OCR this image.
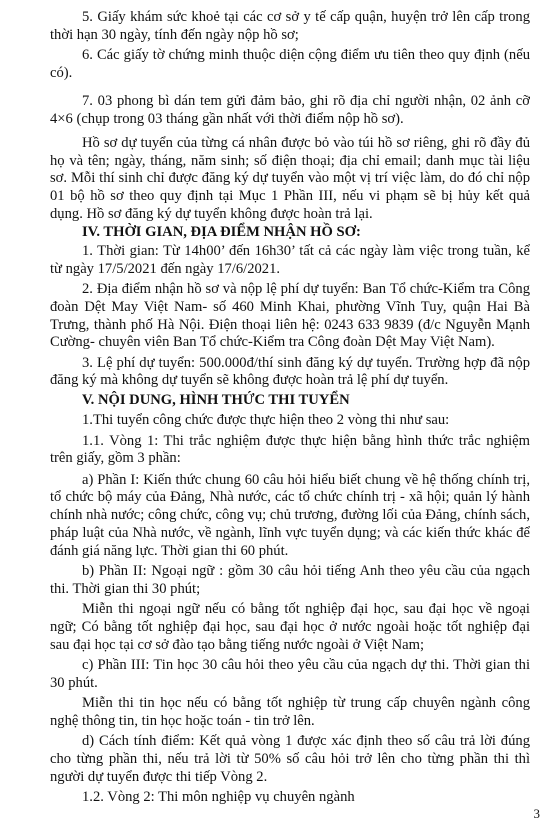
5. Giấy khám sức khoẻ tại các cơ sở y tế cấp quận, huyện trở lên cấp trong
thời hạn 30 ngày, tính đến ngày nộp hồ sơ;
6. Các giấy tờ chứng minh thuộc diện cộng điểm ưu tiên theo quy định (nếu
có).
7. 03 phong bì dán tem gửi đảm bảo, ghi rõ địa chỉ người nhận, 02 ảnh cỡ
4×6 (chụp trong 03 tháng gần nhất với thời điểm nộp hồ sơ).
Hồ sơ dự tuyển của từng cá nhân được bỏ vào túi hồ sơ riêng, ghi rõ đầy đủ
họ và tên; ngày, tháng, năm sinh; số điện thoại; địa chỉ email; danh mục tài liệu
sơ. Mỗi thí sinh chỉ được đăng ký dự tuyển vào một vị trí việc làm, do đó chỉ nộp
01 bộ hồ sơ theo quy định tại Mục 1 Phần III, nếu vi phạm sẽ bị hủy kết quả
dụng. Hồ sơ đăng ký dự tuyển không được hoàn trả lại.
IV. THỜI GIAN, ĐỊA ĐIỂM NHẬN HỒ SƠ:
1. Thời gian: Từ 14h00’ đến 16h30’ tất cả các ngày làm việc trong tuần, kể
từ ngày 17/5/2021 đến ngày 17/6/2021.
2. Địa điểm nhận hồ sơ và nộp lệ phí dự tuyển: Ban Tổ chức-Kiểm tra Công
đoàn Dệt May Việt Nam- số 460 Minh Khai, phường Vĩnh Tuy, quận Hai Bà
Trưng, thành phố Hà Nội. Điện thoại liên hệ: 0243 633 9839 (đ/c Nguyễn Mạnh
Cường- chuyên viên Ban Tổ chức-Kiểm tra Công đoàn Dệt May Việt Nam).
3. Lệ phí dự tuyển: 500.000đ/thí sinh đăng ký dự tuyển. Trường hợp đã nộp
đăng ký mà không dự tuyển sẽ không được hoàn trả lệ phí dự tuyển.
V. NỘI DUNG, HÌNH THỨC THI TUYỂN
1.Thi tuyển công chức được thực hiện theo 2 vòng thi như sau:
1.1. Vòng 1: Thi trắc nghiệm được thực hiện bằng hình thức trắc nghiệm
trên giấy, gồm 3 phần:
a) Phần I: Kiến thức chung 60 câu hỏi hiểu biết chung về hệ thống chính trị,
tổ chức bộ máy của Đảng, Nhà nước, các tổ chức chính trị - xã hội; quản lý hành
chính nhà nước; công chức, công vụ; chủ trương, đường lối của Đảng, chính sách,
pháp luật của Nhà nước, về ngành, lĩnh vực tuyển dụng; và các kiến thức khác để
đánh giá năng lực. Thời gian thi 60 phút.
b) Phần II: Ngoại ngữ : gồm 30 câu hỏi tiếng Anh theo yêu cầu của ngạch
thi. Thời gian thi 30 phút;
Miễn thi ngoại ngữ nếu có bằng tốt nghiệp đại học, sau đại học về ngoại
ngữ; Có bằng tốt nghiệp đại học, sau đại học ở nước ngoài hoặc tốt nghiệp đại
sau đại học tại cơ sở đào tạo bằng tiếng nước ngoài ở Việt Nam;
c) Phần III: Tin học 30 câu hỏi theo yêu cầu của ngạch dự thi. Thời gian thi
30 phút.
Miễn thi tin học nếu có bằng tốt nghiệp từ trung cấp chuyên ngành công
nghệ thông tin, tin học hoặc toán - tin trở lên.
d) Cách tính điểm: Kết quả vòng 1 được xác định theo số câu trả lời đúng
cho từng phần thi, nếu trả lời từ 50% số câu hỏi trở lên cho từng phần thi thì
người dự tuyển được thi tiếp Vòng 2.
1.2. Vòng 2: Thi môn nghiệp vụ chuyên ngành
3
